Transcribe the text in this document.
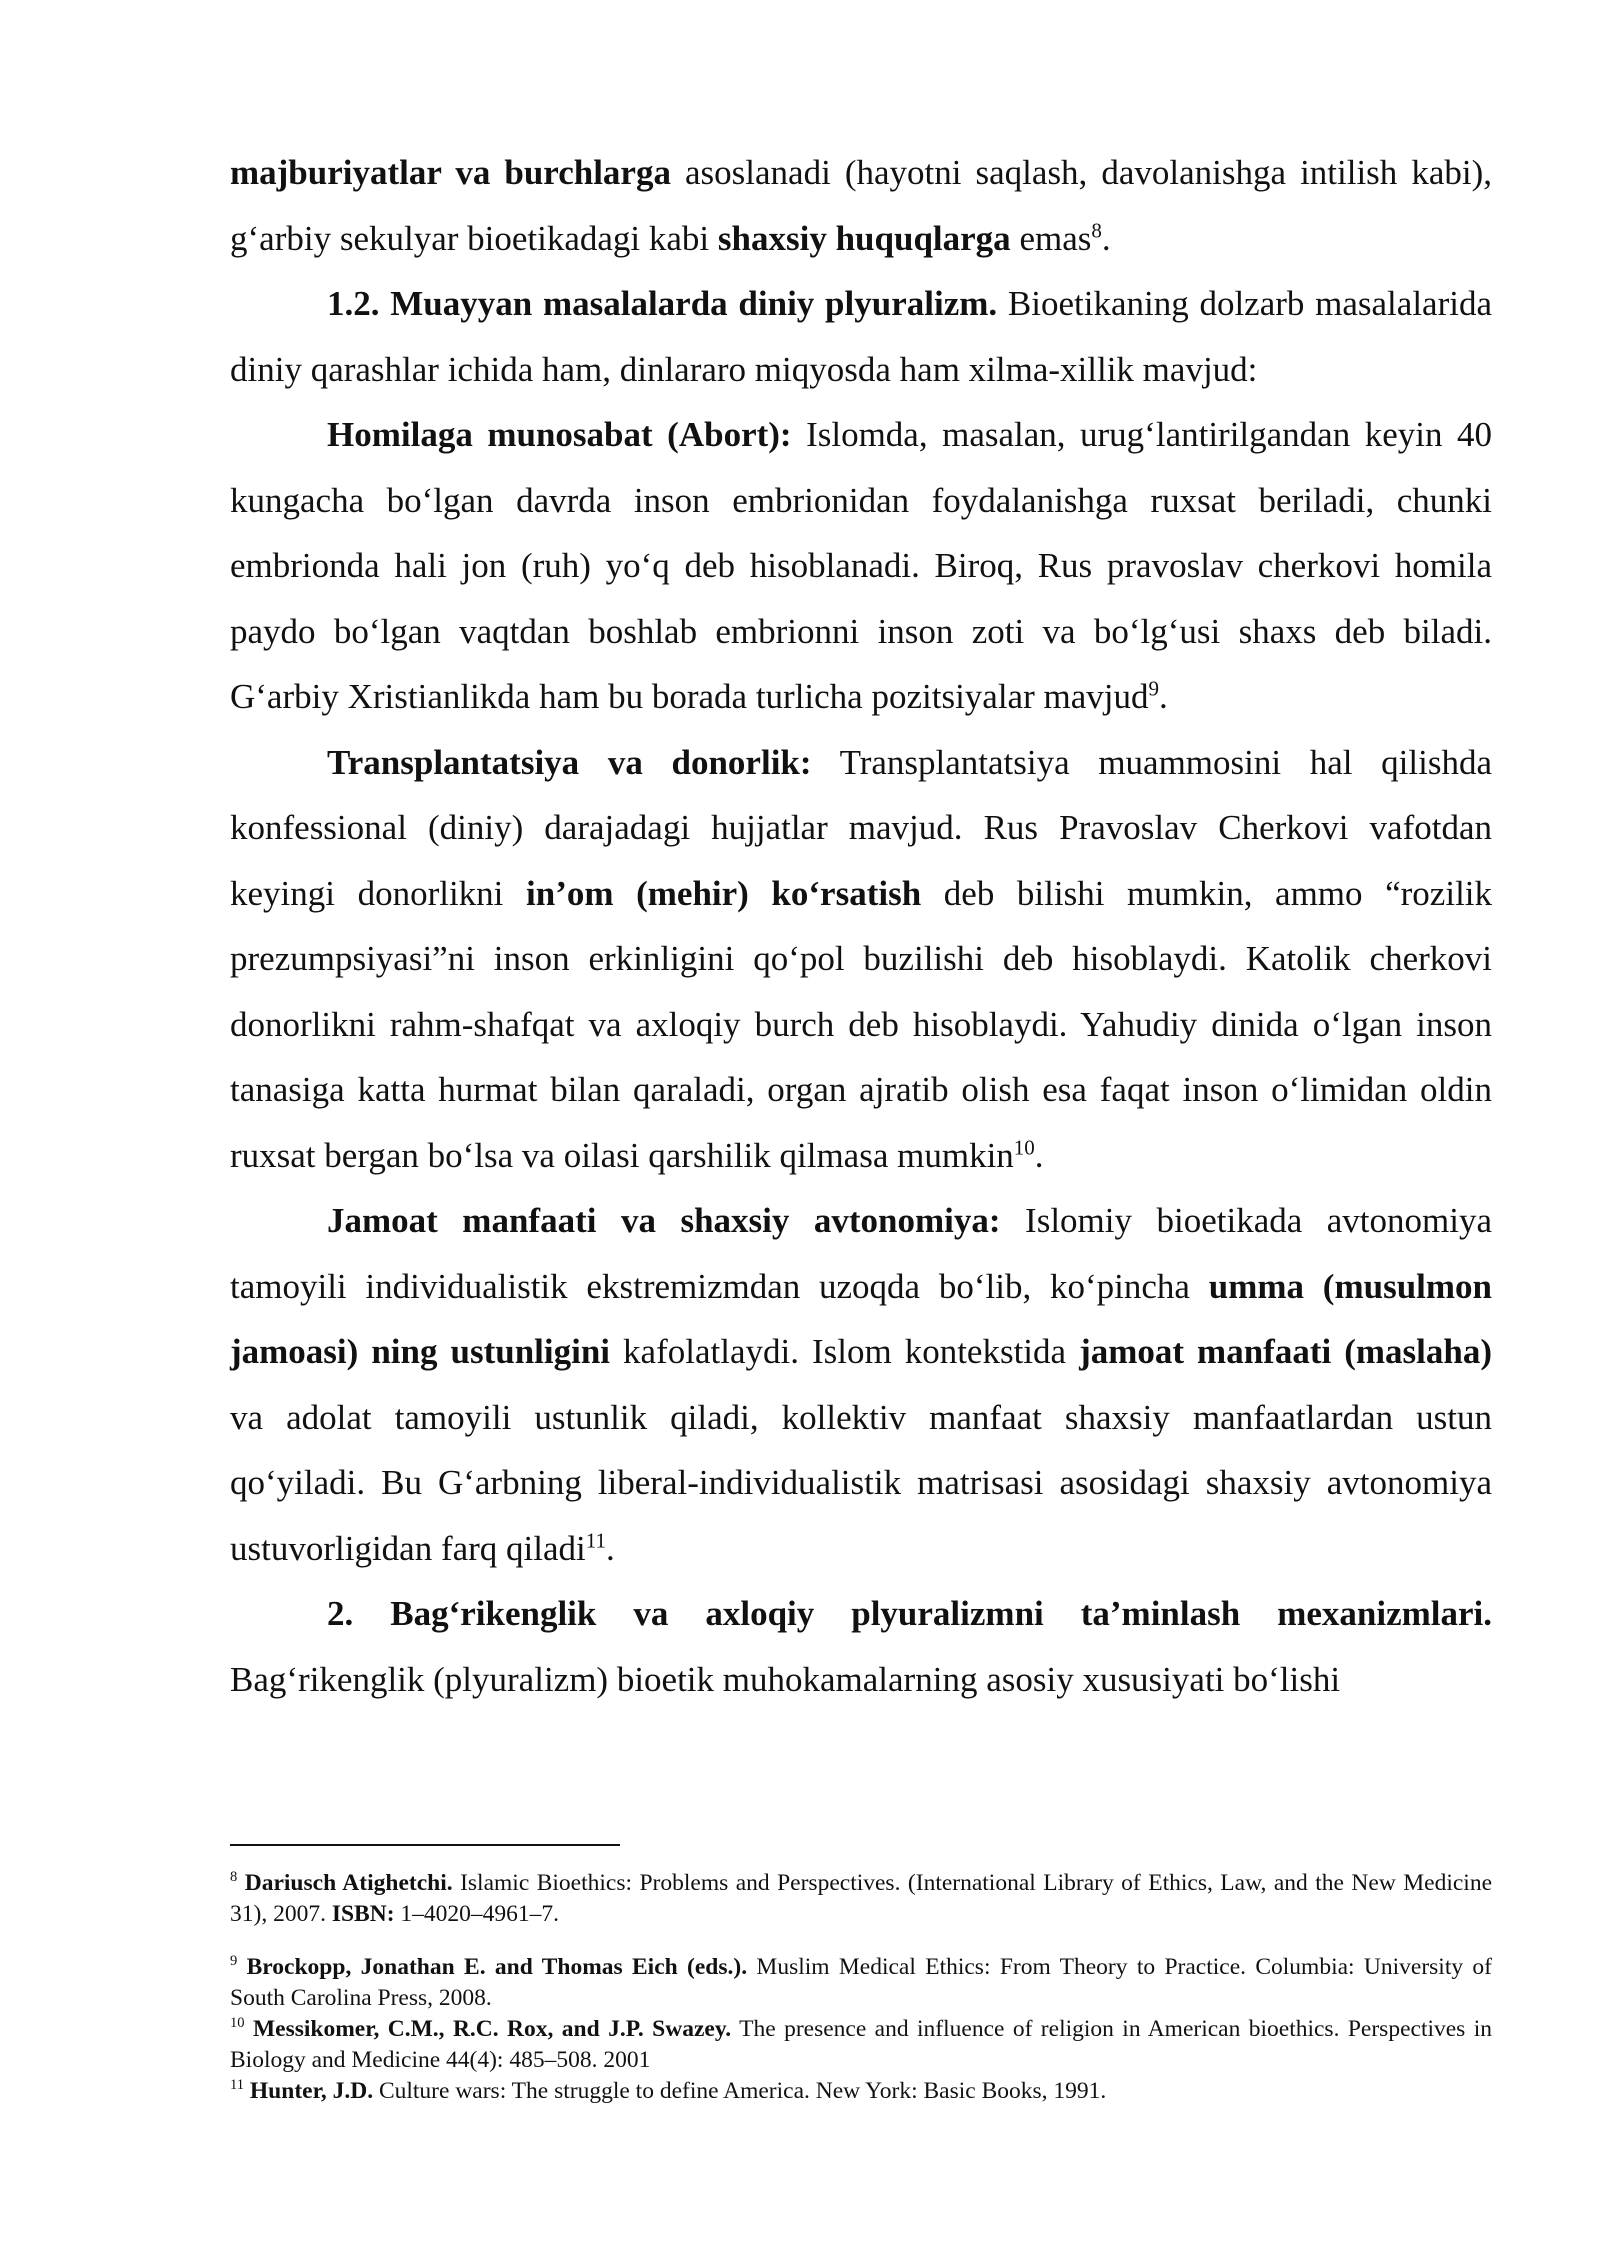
majburiyatlar va burchlarga asoslanadi (hayotni saqlash, davolanishga intilish kabi), g‘arbiy sekulyar bioetikadagi kabi shaxsiy huquqlarga emas$^8$.

1.2. Muayyan masalalarda diniy plyuralizm. Bioetikaning dolzarb masalalarida diniy qarashlar ichida ham, dinlararo miqyosda ham xilma-xillik mavjud:

Homilaga munosabat (Abort): Islomda, masalan, urug‘lantirilgandan keyin 40 kungacha bo‘lgan davrda inson embrionidan foydalanishga ruxsat beriladi, chunki embrionda hali jon (ruh) yo‘q deb hisoblanadi. Biroq, Rus pravoslav cherkovi homila paydo bo‘lgan vaqtdan boshlab embrionni inson zoti va bo‘lg‘usi shaxs deb biladi. G‘arbiy Xristianlikda ham bu borada turlicha pozitsiyalar mavjud$^9$.

Transplantatsiya va donorlik: Transplantatsiya muammosini hal qilishda konfessional (diniy) darajadagi hujjatlar mavjud. Rus Pravoslav Cherkovi vafotdan keyingi donorlikni in’om (mehir) ko‘rsatish deb bilishi mumkin, ammo “rozilik prezumpsiyasi”ni inson erkinligini qo‘pol buzilishi deb hisoblaydi. Katolik cherkovi donorlikni rahm-shafqat va axloqiy burch deb hisoblaydi. Yahudiy dinida o‘lgan inson tanasiga katta hurmat bilan qaraladi, organ ajratib olish esa faqat inson o‘limidan oldin ruxsat bergan bo‘lsa va oilasi qarshilik qilmasa mumkin$^{10}$.

Jamoat manfaati va shaxsiy avtonomiya: Islomiy bioetikada avtonomiya tamoyili individualistik ekstremizmdan uzoqda bo‘lib, ko‘pincha umma (musulmon jamoasi) ning ustunligini kafolatlaydi. Islom kontekstida jamoat manfaati (maslaha) va adolat tamoyili ustunlik qiladi, kollektiv manfaat shaxsiy manfaatlardan ustun qo‘yiladi. Bu G‘arbning liberal-individualistik matrisasi asosidagi shaxsiy avtonomiya ustuvorligidan farq qiladi$^{11}$.

2. Bag‘rikenglik va axloqiy plyuralizmni ta’minlash mexanizmlari. Bag‘rikenglik (plyuralizm) bioetik muhokamalarning asosiy xususiyati bo‘lishi

$^8$ Dariusch Atighetchi. Islamic Bioethics: Problems and Perspectives. (International Library of Ethics, Law, and the New Medicine 31), 2007. ISBN: 1–4020–4961–7.

$^9$ Brockopp, Jonathan E. and Thomas Eich (eds.). Muslim Medical Ethics: From Theory to Practice. Columbia: University of South Carolina Press, 2008.

$^{10}$ Messikomer, C.M., R.C. Rox, and J.P. Swazey. The presence and influence of religion in American bioethics. Perspectives in Biology and Medicine 44(4): 485–508. 2001

$^{11}$ Hunter, J.D. Culture wars: The struggle to define America. New York: Basic Books, 1991.
